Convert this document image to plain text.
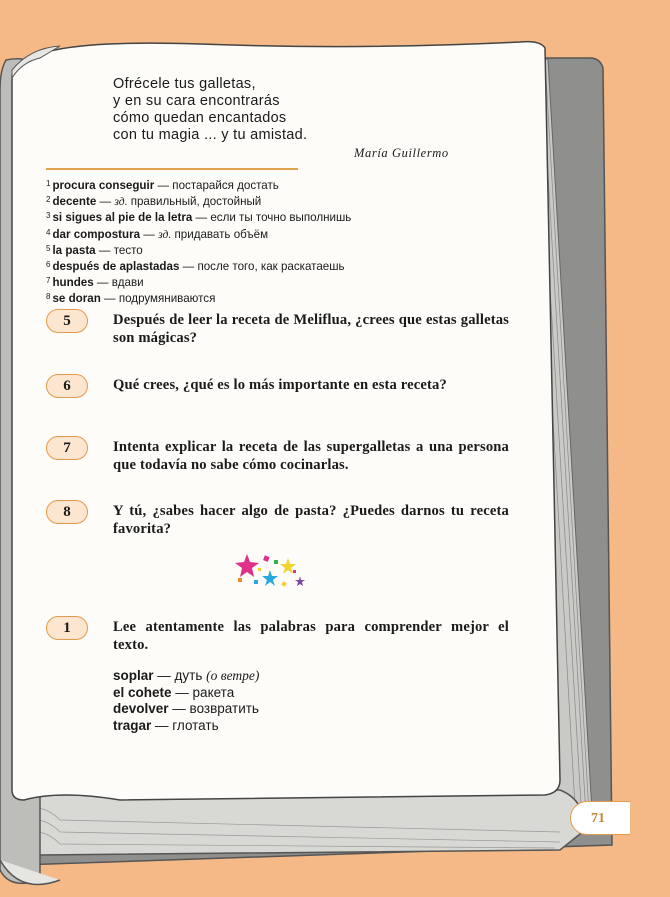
Ofrécele tus galletas,
y en su cara encontrarás
cómo quedan encantados
con tu magia ... y tu amistad.
María Guillermo
$^1$ procura conseguir — постарайся достать
$^2$ decente — зд. правильный, достойный
$^3$ si sigues al pie de la letra — если ты точно выполнишь
$^4$ dar compostura — зд. придавать объём
$^5$ la pasta — тесто
$^6$ después de aplastadas — после того, как раскатаешь
$^7$ hundes — вдави
$^8$ se doran — подрумяниваются
5	Después de leer la receta de Meliflua, ¿crees que estas galletas son mágicas?
6	Qué crees, ¿qué es lo más importante en esta receta?
7	Intenta explicar la receta de las supergalletas a una persona que todavía no sabe cómo cocinarlas.
8	Y tú, ¿sabes hacer algo de pasta? ¿Puedes darnos tu receta favorita?
1	Lee atentamente las palabras para comprender mejor el texto.
soplar — дуть (о ветре)
el cohete — ракета
devolver — возвратить
tragar — глотать
71
